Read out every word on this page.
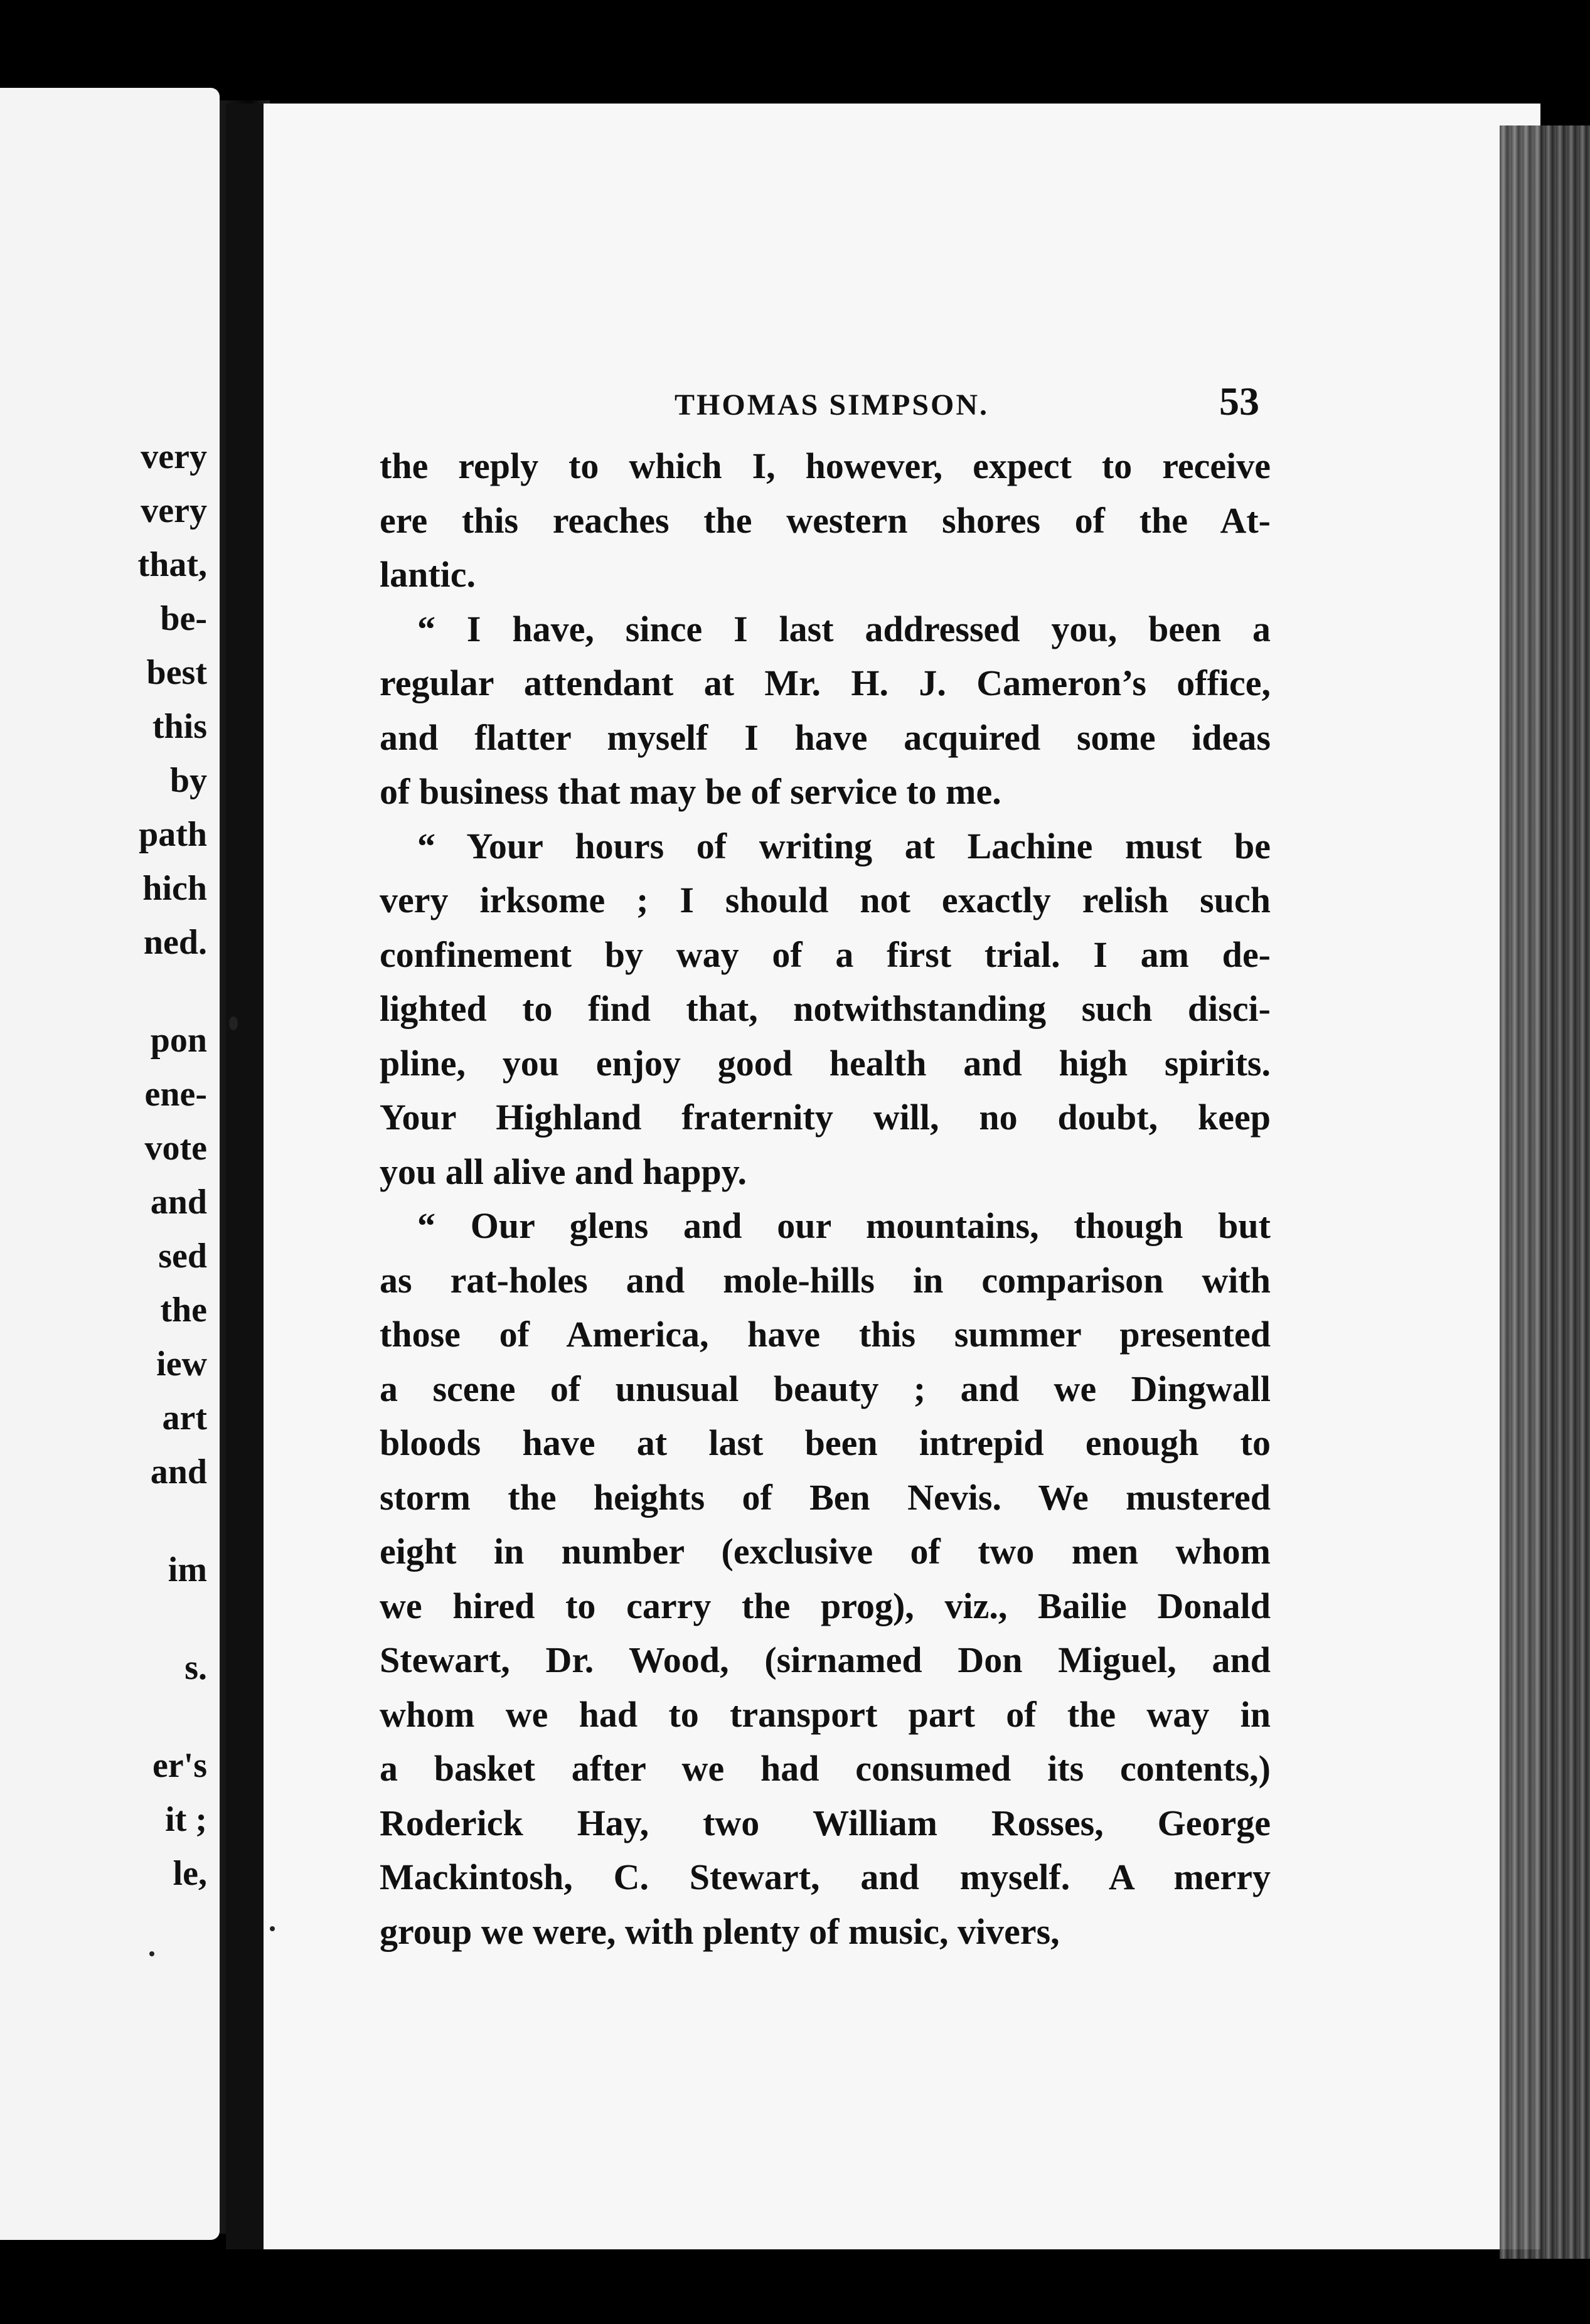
very
very
that,
be-
best
this
by
path
hich
ned.
pon
ene-
vote
and
sed
the
iew
art
and
im
s.
er's
it ;
le,
THOMAS SIMPSON.	53
the reply to which I, however, expect to receive
ere this reaches the western shores of the At-
lantic.
“ I have, since I last addressed you, been a
regular attendant at Mr. H. J. Cameron’s office,
and flatter myself I have acquired some ideas
of business that may be of service to me.
“ Your hours of writing at Lachine must be
very irksome ; I should not exactly relish such
confinement by way of a first trial. I am de-
lighted to find that, notwithstanding such disci-
pline, you enjoy good health and high spirits.
Your Highland fraternity will, no doubt, keep
you all alive and happy.
“ Our glens and our mountains, though but
as rat-holes and mole-hills in comparison with
those of America, have this summer presented
a scene of unusual beauty ; and we Dingwall
bloods have at last been intrepid enough to
storm the heights of Ben Nevis. We mustered
eight in number (exclusive of two men whom
we hired to carry the prog), viz., Bailie Donald
Stewart, Dr. Wood, (sirnamed Don Miguel, and
whom we had to transport part of the way in
a basket after we had consumed its contents,)
Roderick Hay, two William Rosses, George
Mackintosh, C. Stewart, and myself. A merry
group we were, with plenty of music, vivers,
